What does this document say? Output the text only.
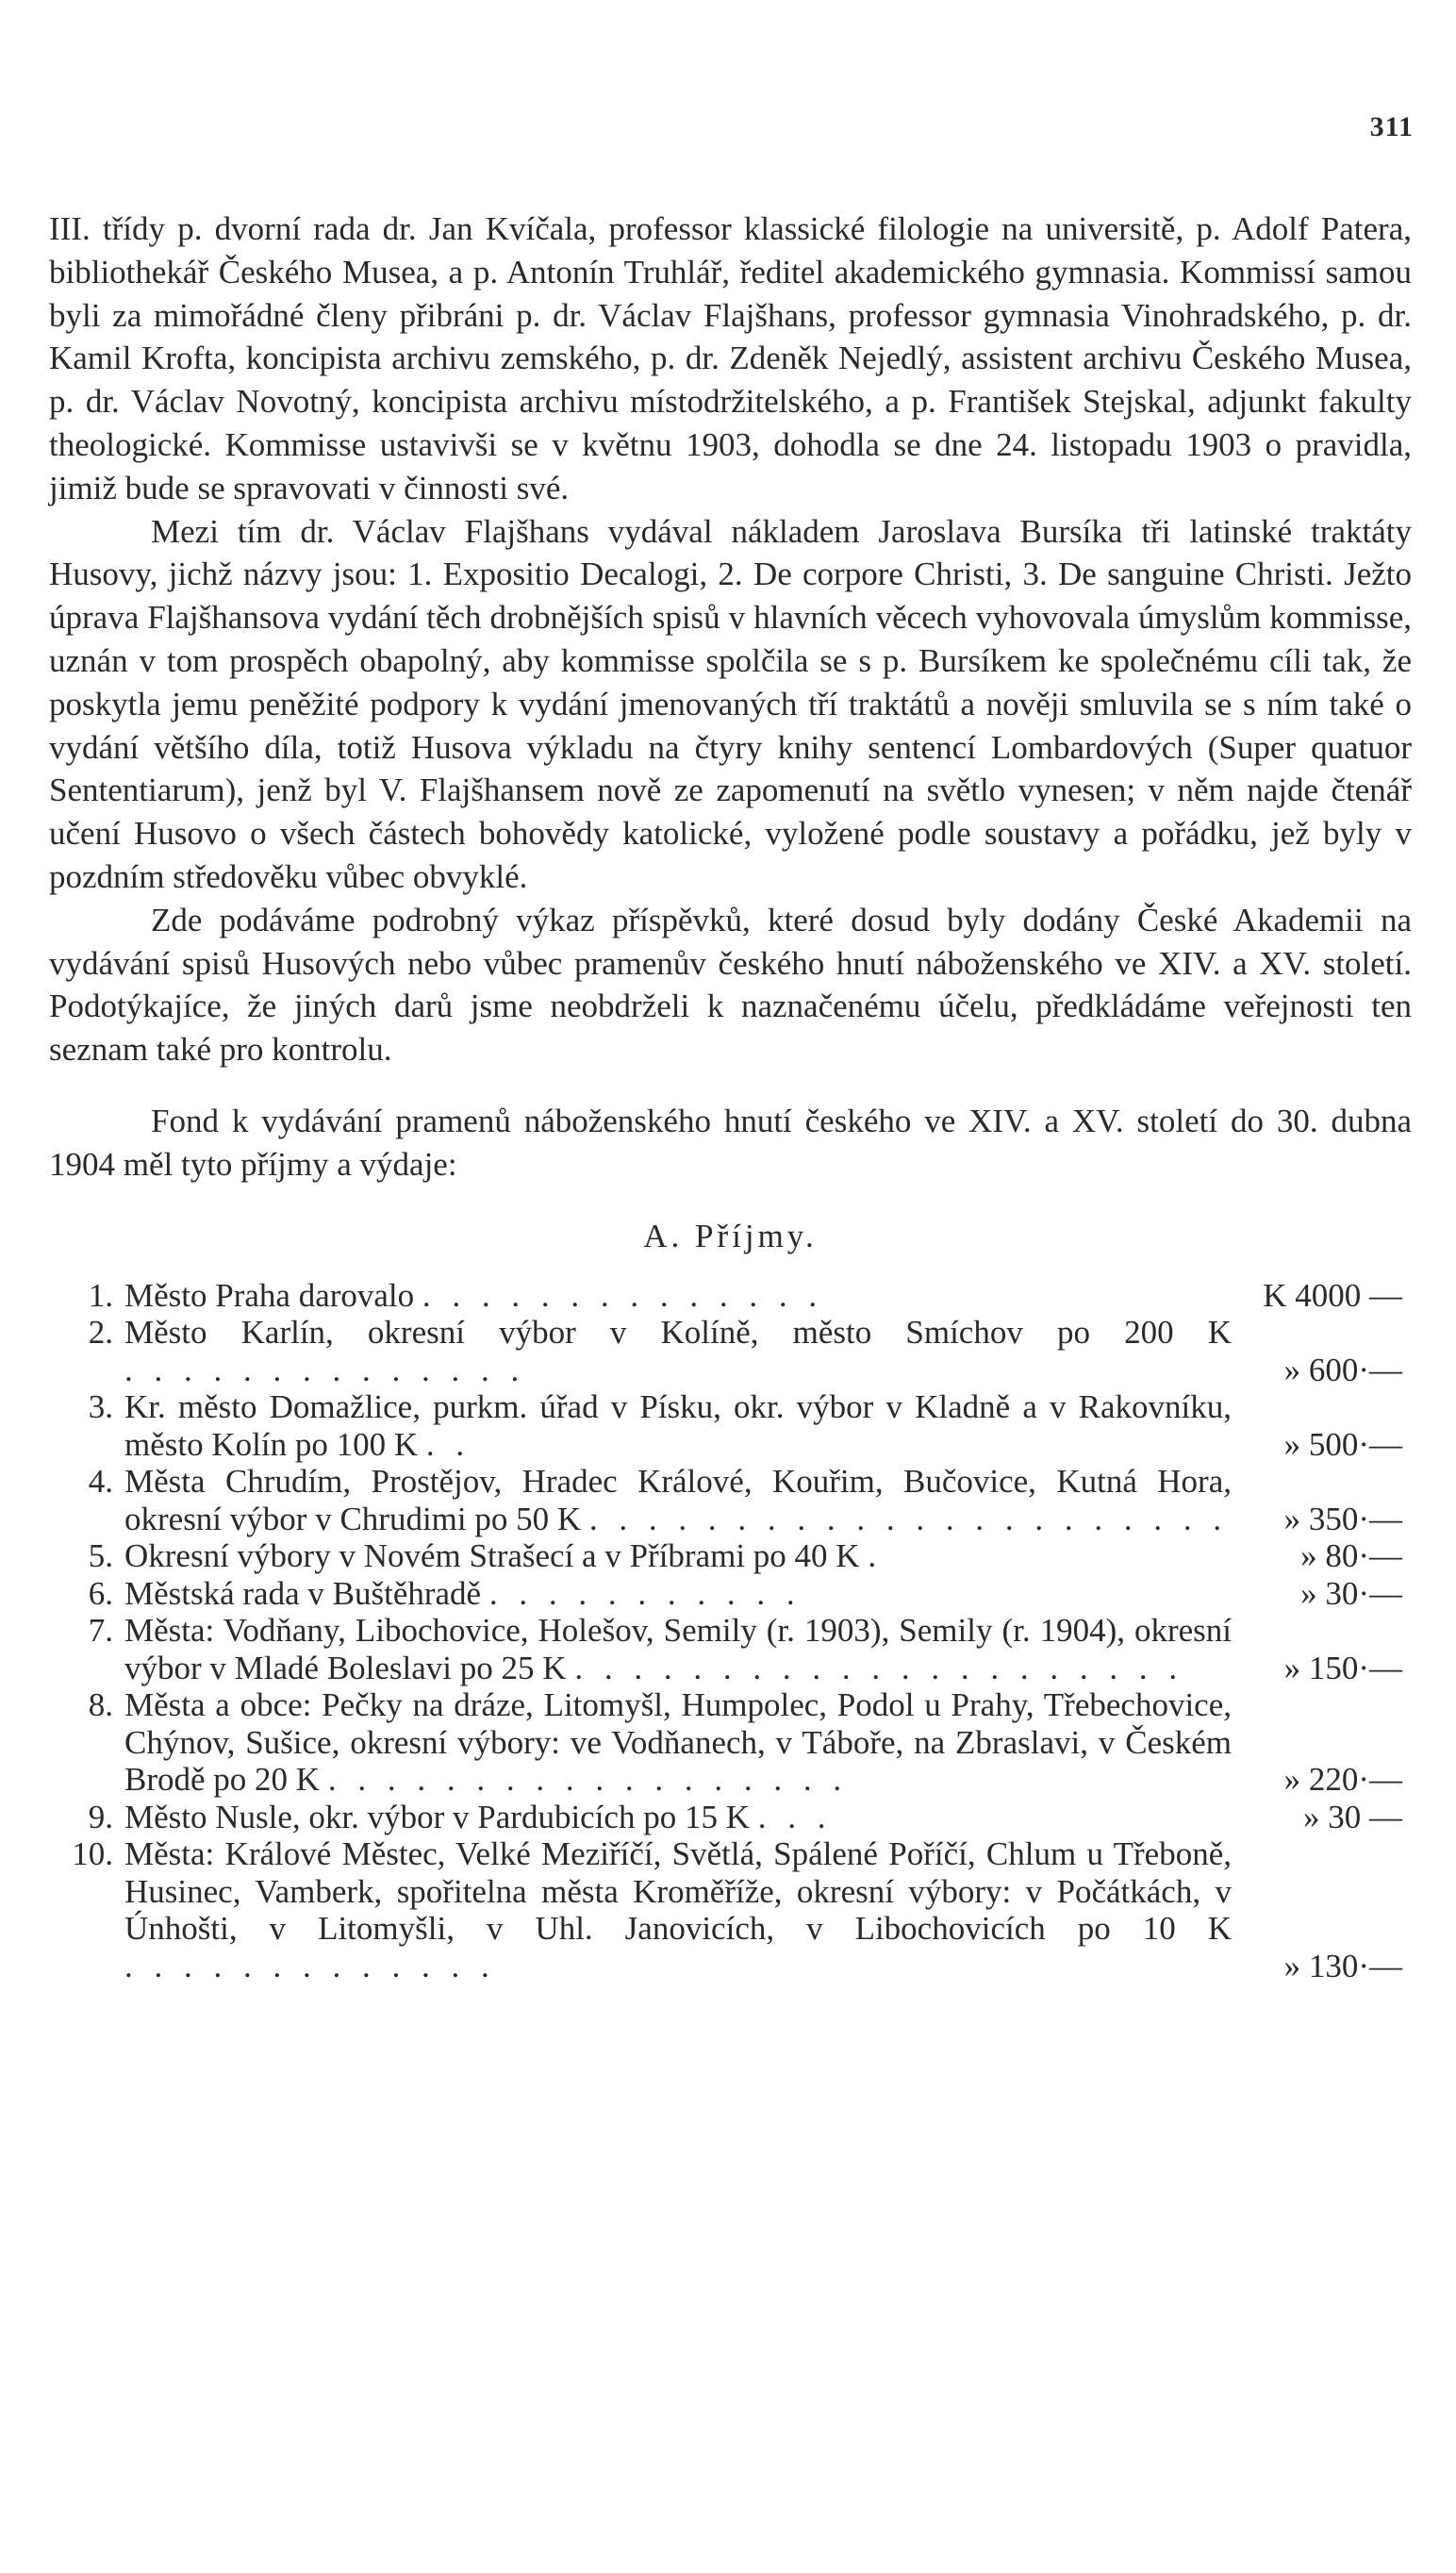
311

III. třídy p. dvorní rada dr. Jan Kvíčala, professor klassické filologie na universitě, p. Adolf Patera, bibliothekář Českého Musea, a p. Antonín Truhlář, ředitel akademického gymnasia. Kommissí samou byli za mimořádné členy přibráni p. dr. Václav Flajšhans, professor gymnasia Vinohradského, p. dr. Kamil Krofta, koncipista archivu zemského, p. dr. Zdeněk Nejedlý, assistent archivu Českého Musea, p. dr. Václav Novotný, koncipista archivu místodržitelského, a p. František Stejskal, adjunkt fakulty theologické. Kommisse ustavivši se v květnu 1903, dohodla se dne 24. listopadu 1903 o pravidla, jimiž bude se spravovati v činnosti své.

Mezi tím dr. Václav Flajšhans vydával nákladem Jaroslava Bursíka tři latinské traktáty Husovy, jichž názvy jsou: 1. Expositio Decalogi, 2. De corpore Christi, 3. De sanguine Christi. Ježto úprava Flajšhansova vydání těch drobnějších spisů v hlavních věcech vyhovovala úmyslům kommisse, uznán v tom prospěch obapolný, aby kommisse spolčila se s p. Bursíkem ke společnému cíli tak, že poskytla jemu peněžité podpory k vydání jmenovaných tří traktátů a nověji smluvila se s ním také o vydání většího díla, totiž Husova výkladu na čtyry knihy sentencí Lombardových (Super quatuor Sententiarum), jenž byl V. Flajšhansem nově ze zapomenutí na světlo vynesen; v něm najde čtenář učení Husovo o všech částech bohovědy katolické, vyložené podle soustavy a pořádku, jež byly v pozdním středověku vůbec obvyklé.

Zde podáváme podrobný výkaz příspěvků, které dosud byly dodány České Akademii na vydávání spisů Husových nebo vůbec pramenův českého hnutí náboženského ve XIV. a XV. století. Podotýkajíce, že jiných darů jsme neobdrželi k naznačenému účelu, předkládáme veřejnosti ten seznam také pro kontrolu.

Fond k vydávání pramenů náboženského hnutí českého ve XIV. a XV. století do 30. dubna 1904 měl tyto příjmy a výdaje:

A. Příjmy.
1. Město Praha darovalo . . . . . . . . . . . . . .	K 4000 —
2. Město Karlín, okresní výbor v Kolíně, město Smíchov po 200 K . . . . . . . . . . . . . .	» 600·—
3. Kr. město Domažlice, purkm. úřad v Písku, okr. výbor v Kladně a v Rakovníku, město Kolín po 100 K . .	» 500·—
4. Města Chrudím, Prostějov, Hradec Králové, Kouřim, Bučovice, Kutná Hora, okresní výbor v Chrudimi po 50 K . . . . . . . . . . . . . . . . . . . . . .	» 350·—
5. Okresní výbory v Novém Strašecí a v Příbrami po 40 K .	» 80·—
6. Městská rada v Buštěhradě . . . . . . . . . . .	» 30·—
7. Města: Vodňany, Libochovice, Holešov, Semily (r. 1903), Semily (r. 1904), okresní výbor v Mladé Boleslavi po 25 K . . . . . . . . . . . . . . . . . . . . .	» 150·—
8. Města a obce: Pečky na dráze, Litomyšl, Humpolec, Podol u Prahy, Třebechovice, Chýnov, Sušice, okresní výbory: ve Vodňanech, v Táboře, na Zbraslavi, v Českém Brodě po 20 K . . . . . . . . . . . . . . . . . .	» 220·—
9. Město Nusle, okr. výbor v Pardubicích po 15 K . . .	» 30 —
10. Města: Králové Městec, Velké Meziříčí, Světlá, Spálené Poříčí, Chlum u Třeboně, Husinec, Vamberk, spořitelna města Kroměříže, okresní výbory: v Počátkách, v Únhošti, v Litomyšli, v Uhl. Janovicích, v Libochovicích po 10 K . . . . . . . . . . . . .	» 130·—
